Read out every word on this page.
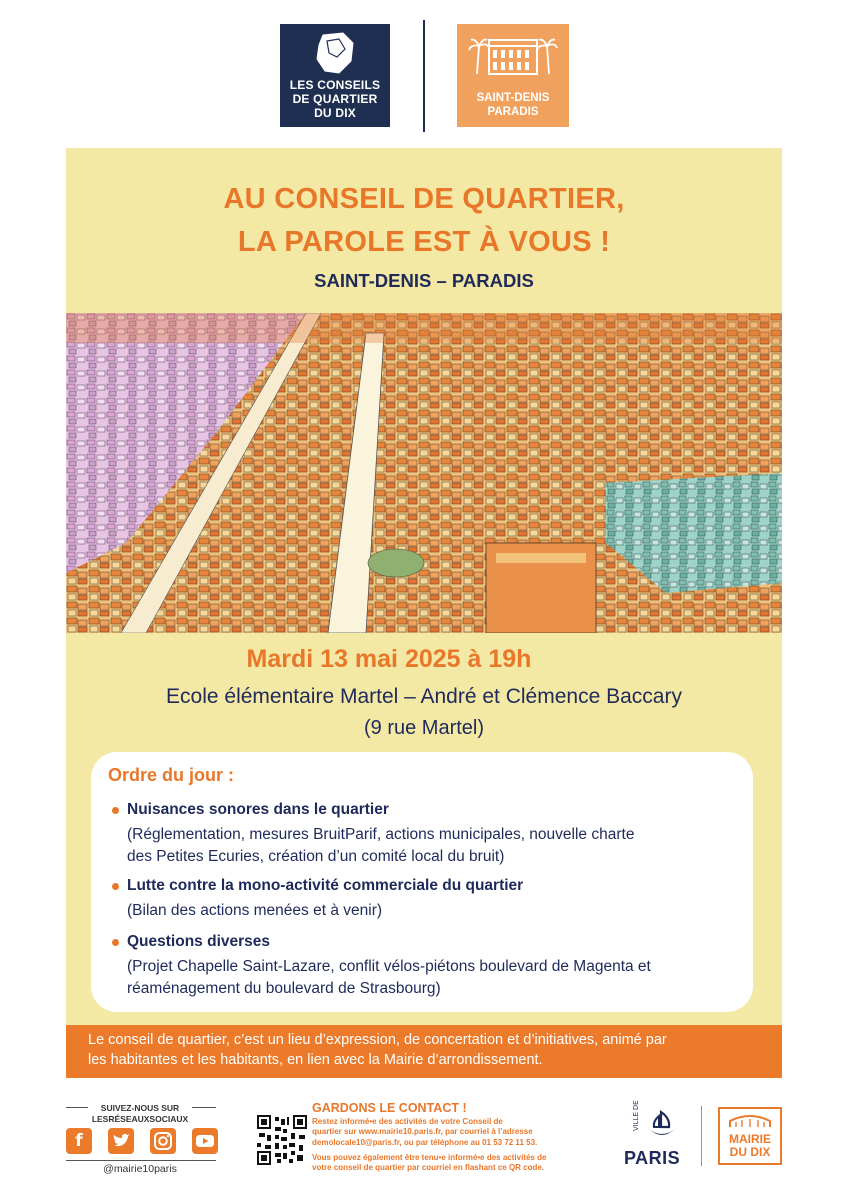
LES CONSEILS
DE QUARTIER
DU DIX
SAINT-DENIS
PARADIS
AU CONSEIL DE QUARTIER,
LA PAROLE EST À VOUS !
SAINT-DENIS – PARADIS
Mardi 13 mai 2025 à 19h
Ecole élémentaire Martel – André et Clémence Baccary
(9 rue Martel)
Ordre du jour :
Nuisances sonores dans le quartier
(Réglementation, mesures BruitParif, actions municipales, nouvelle charte
des Petites Ecuries, création d’un comité local du bruit)
Lutte contre la mono-activité commerciale du quartier
(Bilan des actions menées et à venir)
Questions diverses
(Projet Chapelle Saint-Lazare, conflit vélos-piétons boulevard de Magenta et
réaménagement du boulevard de Strasbourg)
Le conseil de quartier, c’est un lieu d’expression, de concertation et d’initiatives, animé par
les habitantes et les habitants, en lien avec la Mairie d’arrondissement.
SUIVEZ-NOUS SUR
LESRÉSEAUXSOCIAUX
f
@mairie10paris
GARDONS LE CONTACT !
Restez informé•e des activités de votre Conseil de
quartier sur www.mairie10.paris.fr, par courriel à l’adresse
demolocale10@paris.fr, ou par téléphone au 01 53 72 11 53.
Vous pouvez également être tenu•e informé•e des activités de
votre conseil de quartier par courriel en flashant ce QR code.
VILLE DE
PARIS
MAIRIE
DU DIX
